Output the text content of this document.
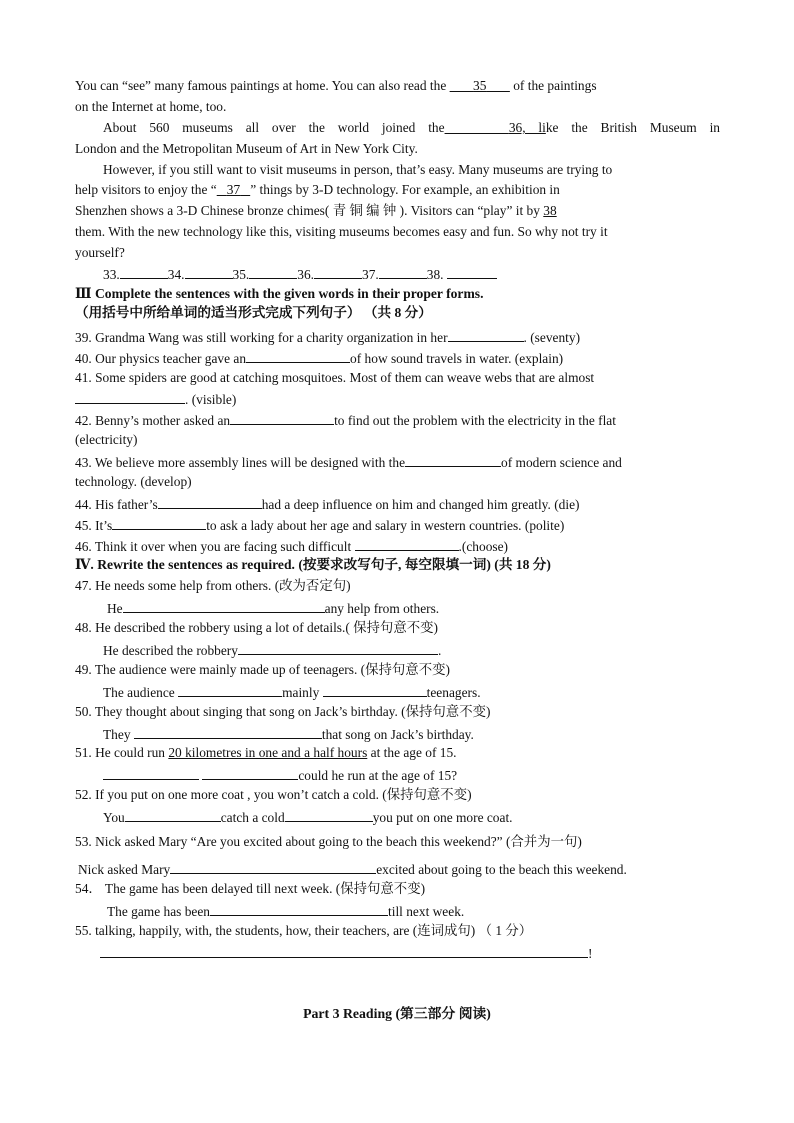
You can “see” many famous paintings at home. You can also read the        35        of the paintings
on the Internet at home, too.
About 560 museums all over the world joined the	36, like the British Museum in
London and the Metropolitan Museum of Art in New York City.
However, if you still want to visit museums in person, that’s easy. Many museums are trying to
help visitors to enjoy the “ 37 ” things by 3-D technology. For example, an exhibition in
Shenzhen shows a 3-D Chinese bronze chimes( 青 铜 编 钟 ). Visitors can “play” it by 38
them. With the new technology like this, visiting museums becomes easy and fun. So why not try it
yourself?
33.	34.	35.	36.	37.	38.
Ⅲ Complete the sentences with the given words in their proper forms.
（用括号中所给单词的适当形式完成下列句子） （共 8 分）
39. Grandma Wang was still working for a charity organization in her	. (seventy)
40. Our physics teacher gave an	of how sound travels in water. (explain)
41. Some spiders are good at catching mosquitoes. Most of them can weave webs that are almost
. (visible)
42. Benny’s mother asked an	to find out the problem with the electricity in the flat
(electricity)
43. We believe more assembly lines will be designed with the	of modern science and
technology. (develop)
44. His father’s	had a deep influence on him and changed him greatly. (die)
45. It’s	to ask a lady about her age and salary in western countries. (polite)
46. Think it over when you are facing such difficult	.(choose)
Ⅳ. Rewrite the sentences as required. (按要求改写句子, 每空限填一词) (共 18 分)
47. He needs some help from others. (改为否定句)
He	any help from others.
48. He described the robbery using a lot of details.( 保持句意不变)
He described the robbery	.
49. The audience were mainly made up of teenagers. (保持句意不变)
The audience	mainly	teenagers.
50. They thought about singing that song on Jack’s birthday. (保持句意不变)
They	that song on Jack’s birthday.
51. He could run 20 kilometres in one and a half hours at the age of 15.
could he run at the age of 15?
52. If you put on one more coat , you won’t catch a cold. (保持句意不变)
You	catch a cold	you put on one more coat.
53. Nick asked Mary “Are you excited about going to the beach this weekend?” (合并为一句)
Nick asked Mary	excited about going to the beach this weekend.
54． The game has been delayed till next week. (保持句意不变)
The game has been	till next week.
55. talking, happily, with, the students, how, their teachers, are (连词成句) （ 1 分）
!
Part 3 Reading (第三部分 阅读)
